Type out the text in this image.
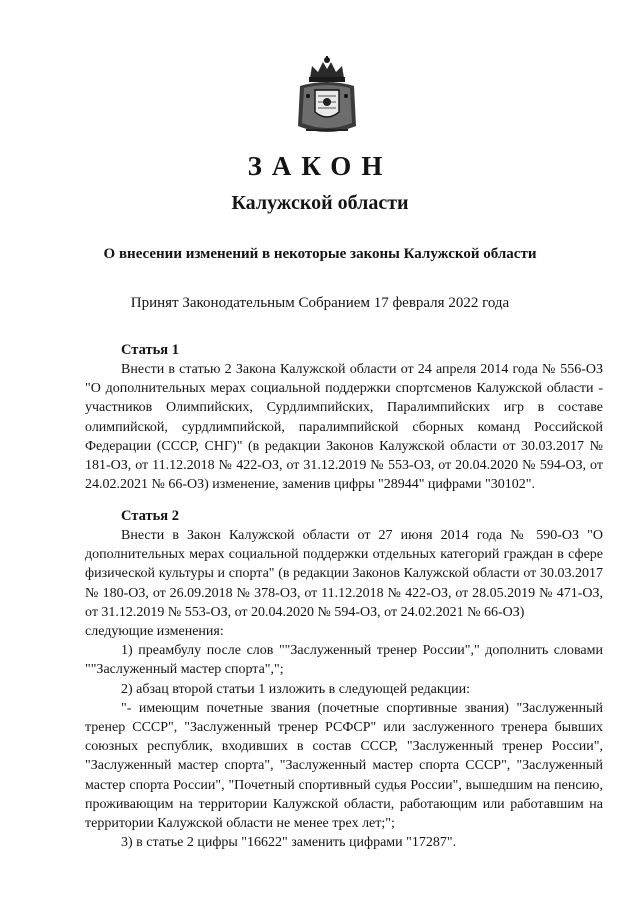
ЗАКОН
Калужской области
О внесении изменений в некоторые законы Калужской области
Принят Законодательным Собранием 17 февраля 2022 года
Статья 1

Внести в статью 2 Закона Калужской области от 24 апреля 2014 года № 556-ОЗ "О дополнительных мерах социальной поддержки спортсменов Калужской области - участников Олимпийских, Сурдлимпийских, Паралимпийских игр в составе олимпийской, сурдлимпийской, паралимпийской сборных команд Российской Федерации (СССР, СНГ)" (в редакции Законов Калужской области от 30.03.2017 № 181-ОЗ, от 11.12.2018 № 422-ОЗ, от 31.12.2019 № 553-ОЗ, от 20.04.2020 № 594-ОЗ, от 24.02.2021 № 66-ОЗ) изменение, заменив цифры "28944" цифрами "30102".

Статья 2

Внести в Закон Калужской области от 27 июня 2014 года № 590-ОЗ "О дополнительных мерах социальной поддержки отдельных категорий граждан в сфере физической культуры и спорта" (в редакции Законов Калужской области от 30.03.2017 № 180-ОЗ, от 26.09.2018 № 378-ОЗ, от 11.12.2018 № 422-ОЗ, от 28.05.2019 № 471-ОЗ, от 31.12.2019 № 553-ОЗ, от 20.04.2020 № 594-ОЗ, от 24.02.2021 № 66-ОЗ)

следующие изменения:

1) преамбулу после слов ""Заслуженный тренер России"," дополнить словами ""Заслуженный мастер спорта",";

2) абзац второй статьи 1 изложить в следующей редакции:

"- имеющим почетные звания (почетные спортивные звания) "Заслуженный тренер СССР", "Заслуженный тренер РСФСР" или заслуженного тренера бывших союзных республик, входивших в состав СССР, "Заслуженный тренер России", "Заслуженный мастер спорта", "Заслуженный мастер спорта СССР", "Заслуженный мастер спорта России", "Почетный спортивный судья России", вышедшим на пенсию, проживающим на территории Калужской области, работающим или работавшим на территории Калужской области не менее трех лет;";

3) в статье 2 цифры "16622" заменить цифрами "17287".
